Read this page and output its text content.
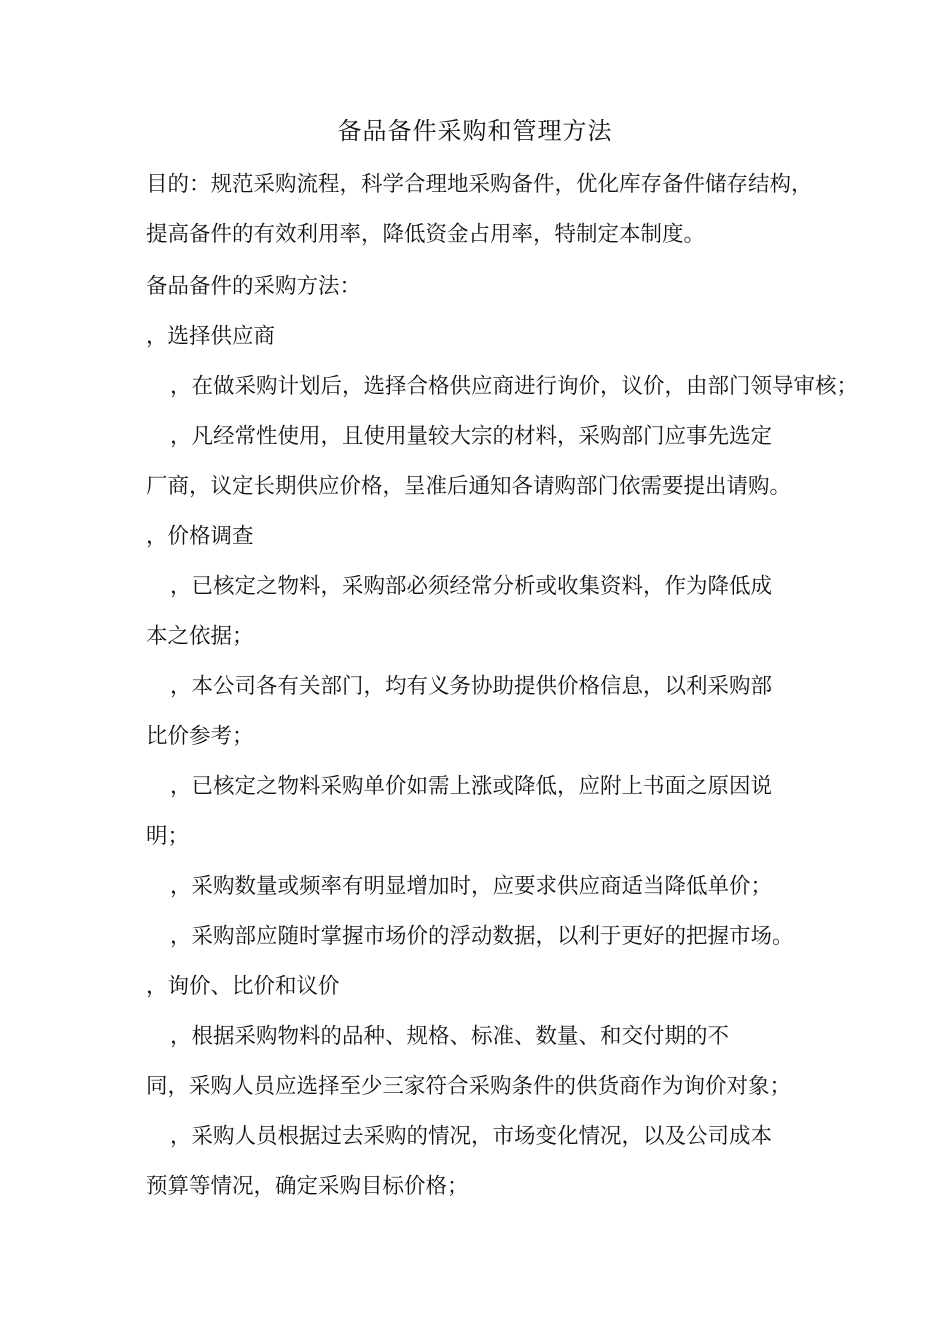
备品备件采购和管理方法
目的：规范采购流程，科学合理地采购备件，优化库存备件储存结构，
提高备件的有效利用率，降低资金占用率，特制定本制度。
备品备件的采购方法：
，选择供应商
，在做采购计划后，选择合格供应商进行询价，议价，由部门领导审核；
，凡经常性使用，且使用量较大宗的材料，采购部门应事先选定
厂商，议定长期供应价格，呈准后通知各请购部门依需要提出请购。
，价格调查
，已核定之物料，采购部必须经常分析或收集资料，作为降低成
本之依据；
，本公司各有关部门，均有义务协助提供价格信息，以利采购部
比价参考；
，已核定之物料采购单价如需上涨或降低，应附上书面之原因说
明；
，采购数量或频率有明显增加时，应要求供应商适当降低单价；
，采购部应随时掌握市场价的浮动数据，以利于更好的把握市场。
，询价、比价和议价
，根据采购物料的品种、规格、标准、数量、和交付期的不
同，采购人员应选择至少三家符合采购条件的供货商作为询价对象；
，采购人员根据过去采购的情况，市场变化情况，以及公司成本
预算等情况，确定采购目标价格；
